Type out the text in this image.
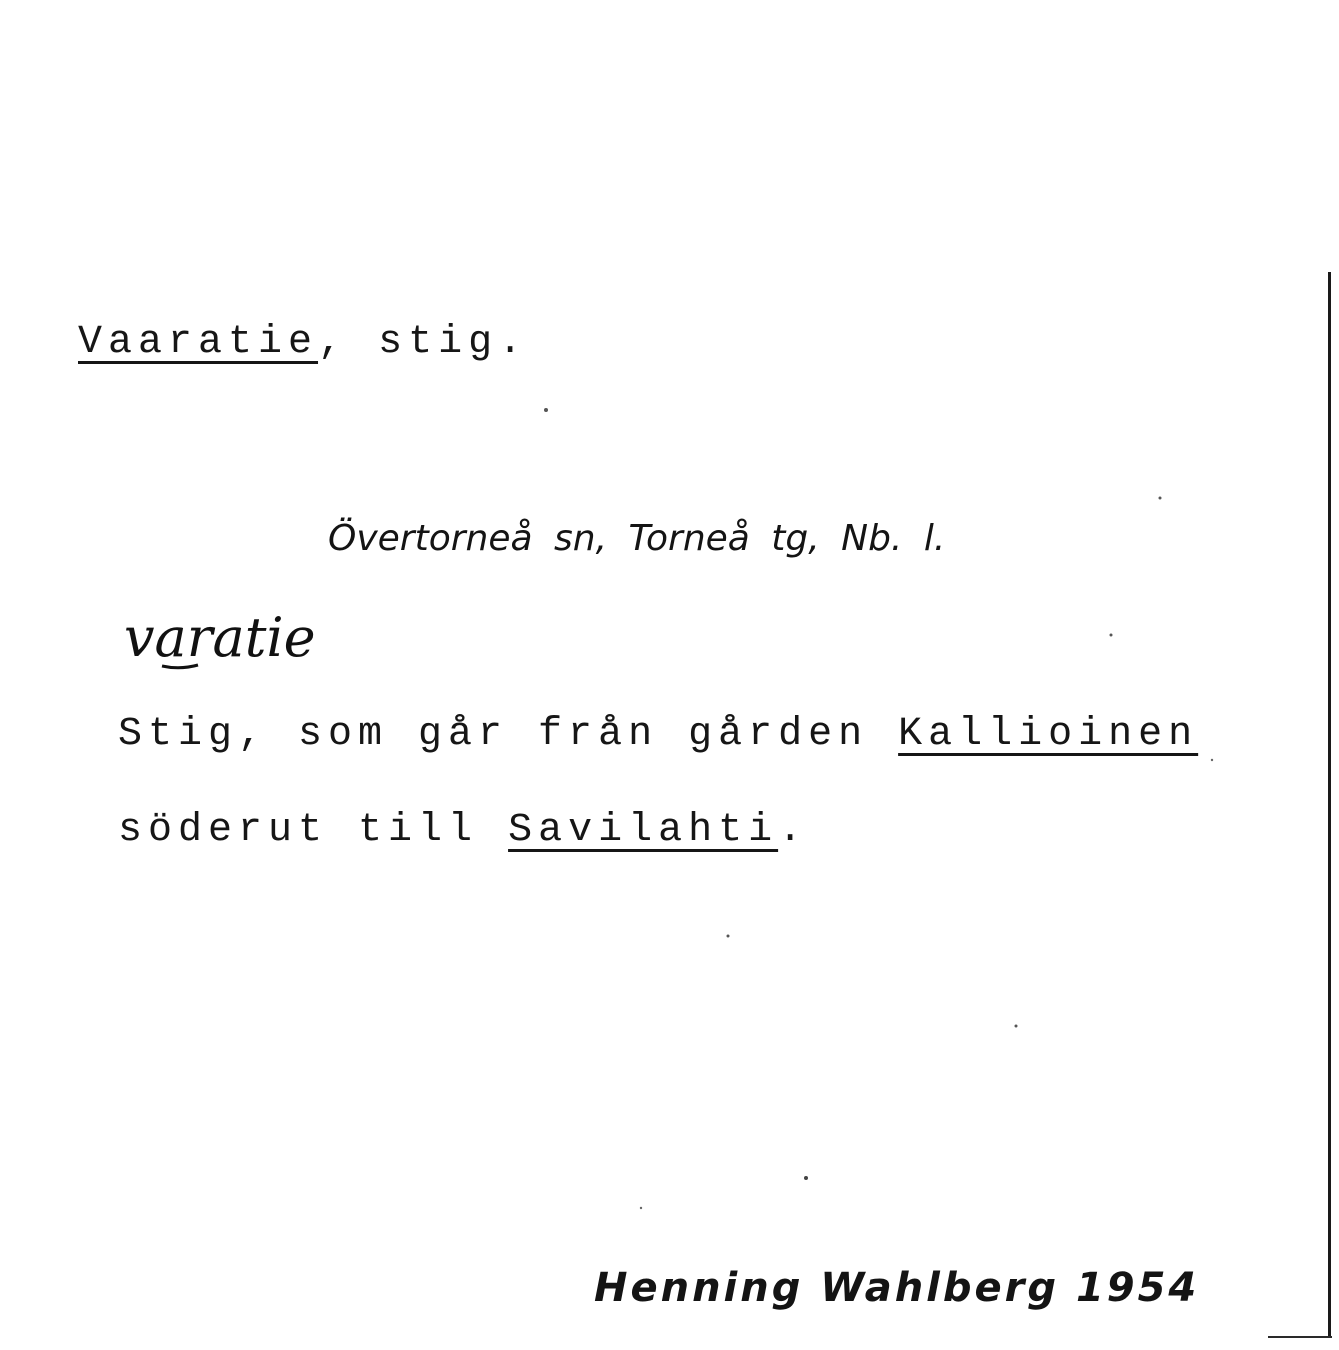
Vaaratie, stig.
Övertorneå sn, Torneå tg, Nb. l.
varatie
Stig, som går från gården Kallioinen
söderut till Savilahti.
Henning Wahlberg 1954
